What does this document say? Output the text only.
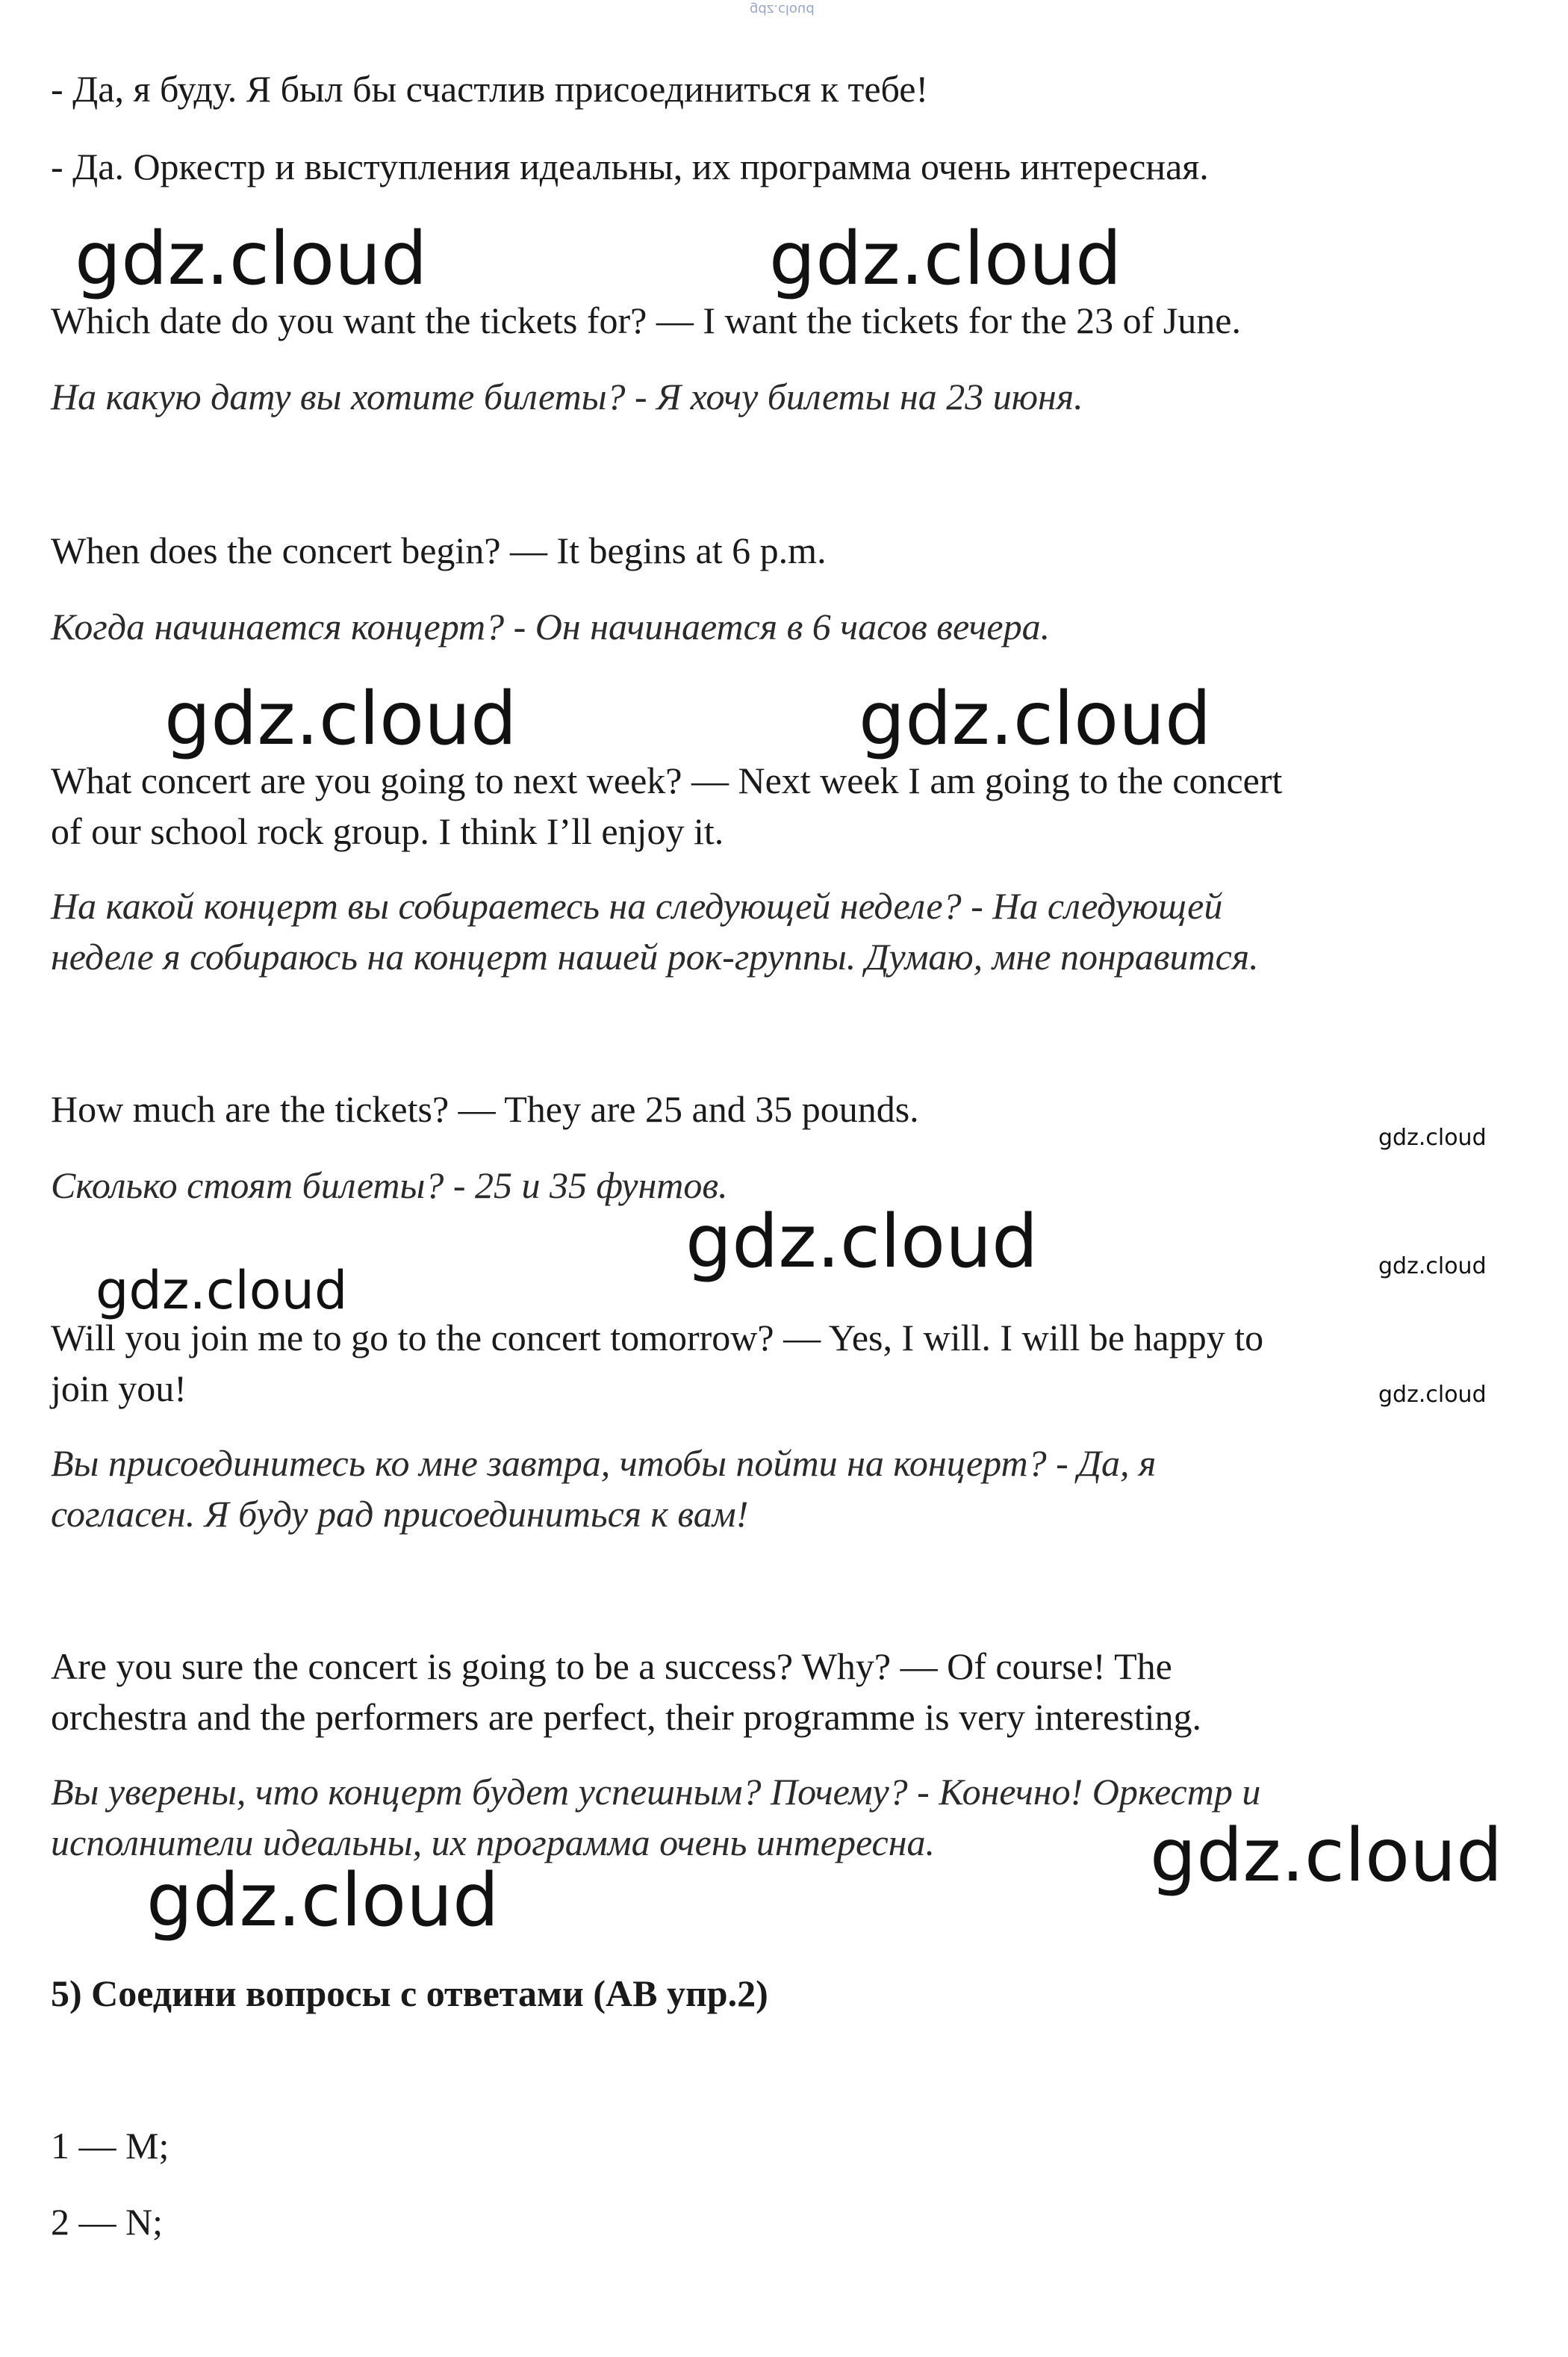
gdz.cloud
- Да, я буду. Я был бы счастлив присоединиться к тебе!
- Да. Оркестр и выступления идеальны, их программа очень интересная.
Which date do you want the tickets for? — I want the tickets for the 23 of June.
На какую дату вы хотите билеты? - Я хочу билеты на 23 июня.
When does the concert begin? — It begins at 6 p.m.
Когда начинается концерт? - Он начинается в 6 часов вечера.
What concert are you going to next week? — Next week I am going to the concert
of our school rock group. I think I’ll enjoy it.
На какой концерт вы собираетесь на следующей неделе? - На следующей
неделе я собираюсь на концерт нашей рок-группы. Думаю, мне понравится.
How much are the tickets? — They are 25 and 35 pounds.
Сколько стоят билеты? - 25 и 35 фунтов.
Will you join me to go to the concert tomorrow? — Yes, I will. I will be happy to
join you!
Вы присоединитесь ко мне завтра, чтобы пойти на концерт? - Да, я
согласен. Я буду рад присоединиться к вам!
Are you sure the concert is going to be a success? Why? — Of course! The
orchestra and the performers are perfect, their programme is very interesting.
Вы уверены, что концерт будет успешным? Почему? - Конечно! Оркестр и
исполнители идеальны, их программа очень интересна.
5) Соедини вопросы с ответами (АВ упр.2)
1 — M;
2 — N;
gdz.cloud	gdz.cloud
gdz.cloud	gdz.cloud
gdz.cloud
gdz.cloud	gdz.cloud
gdz.cloud
gdz.cloud
gdz.cloud
gdz.cloud
